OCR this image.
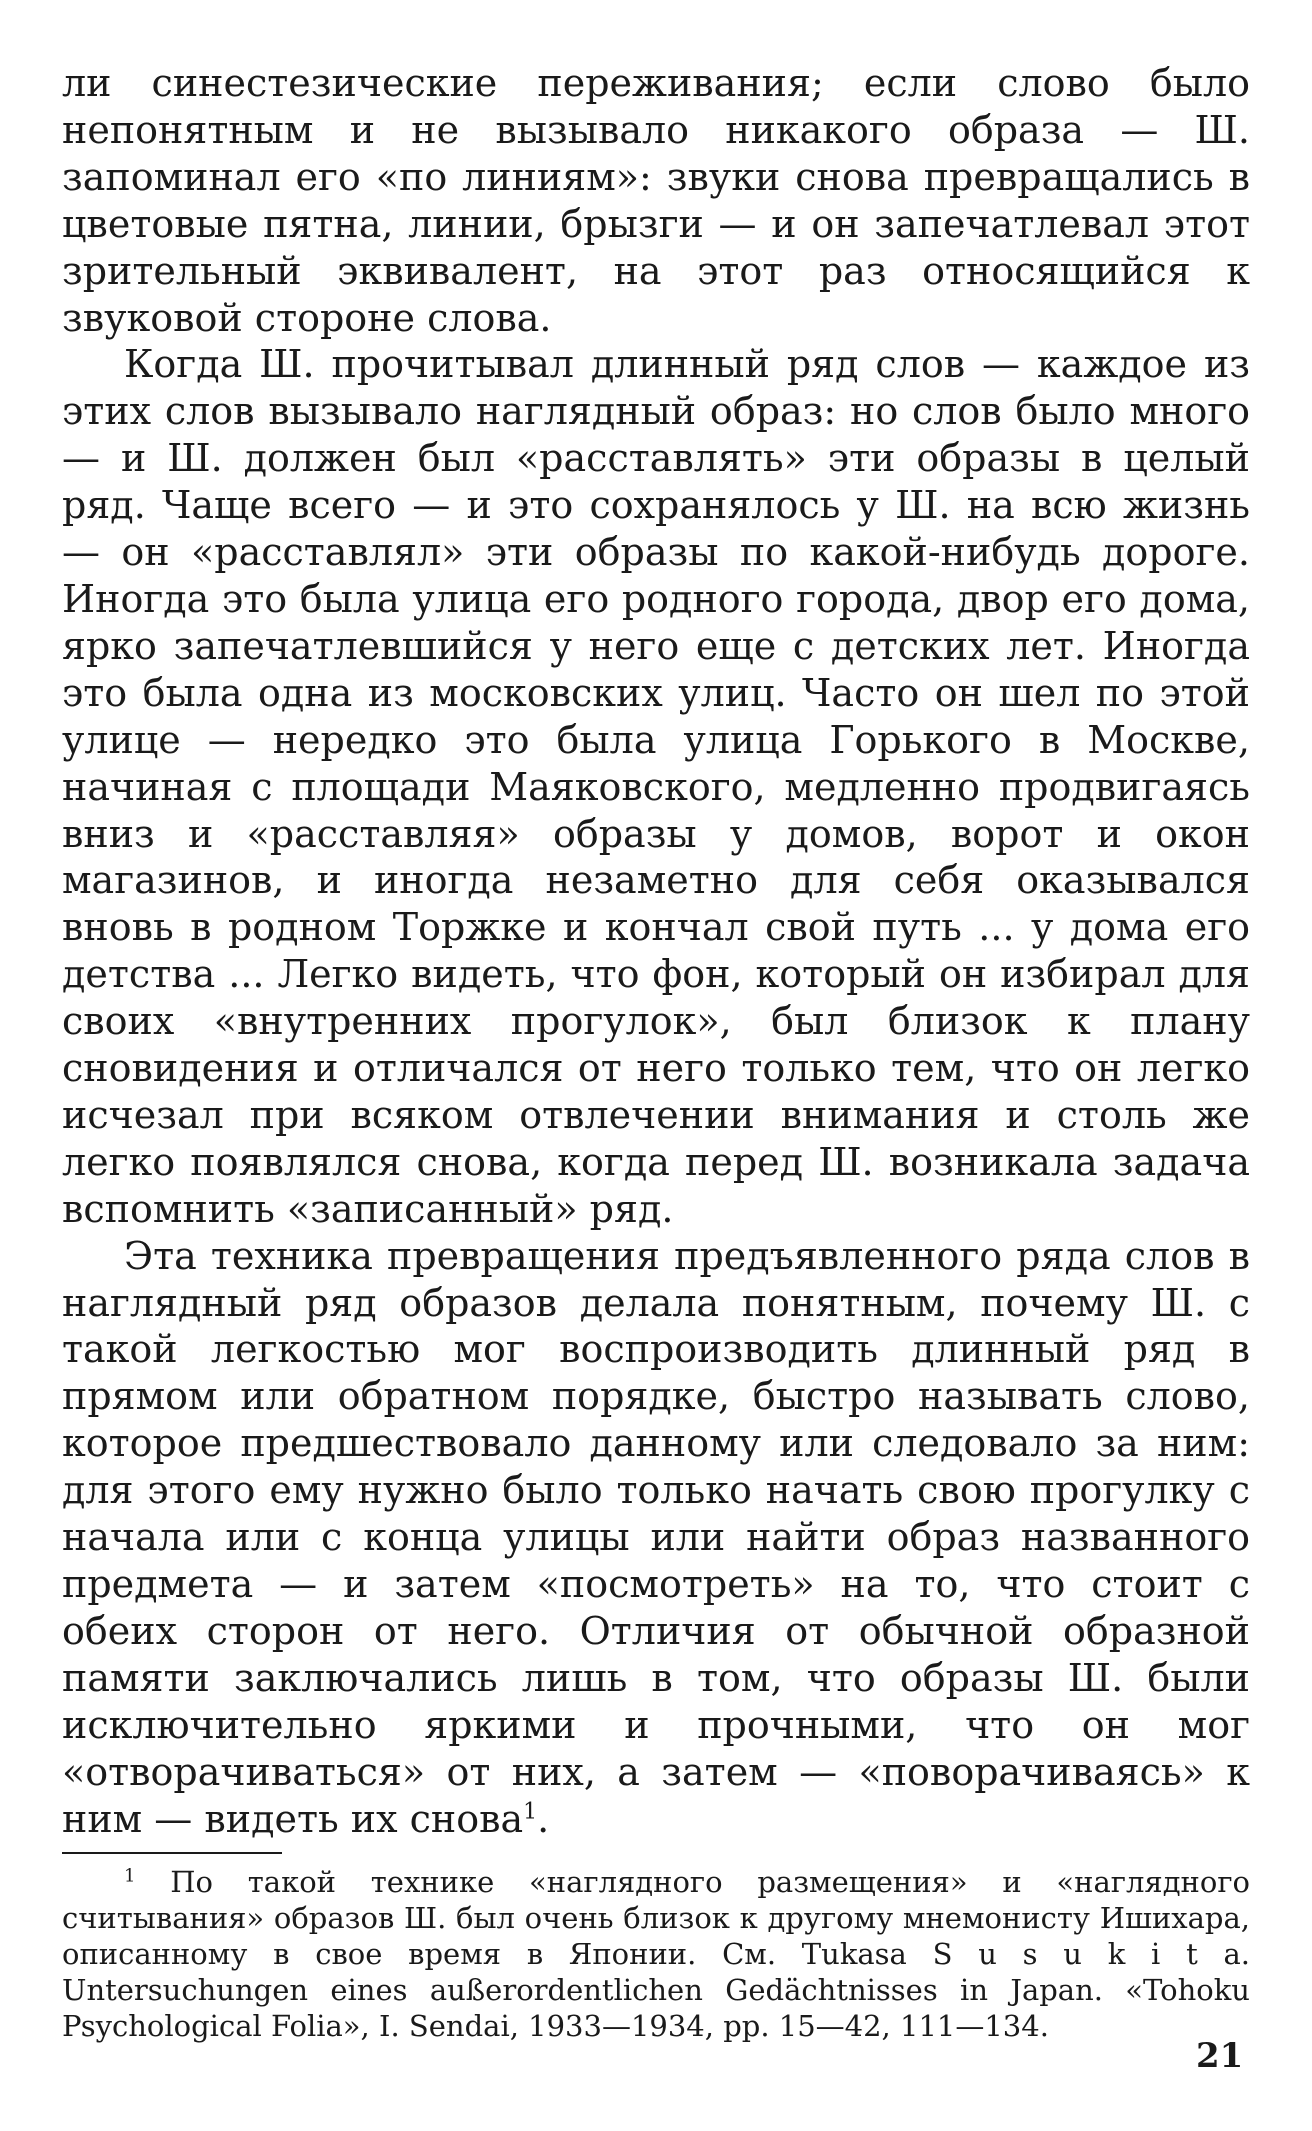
ли синестезические переживания; если слово было непонятным и не вызывало никакого образа — Ш. запоминал его «по линиям»: звуки снова превращались в цветовые пятна, линии, брызги — и он запечатлевал этот зрительный эквивалент, на этот раз относящийся к звуковой стороне слова.

Когда Ш. прочитывал длинный ряд слов — каждое из этих слов вызывало наглядный образ: но слов было много — и Ш. должен был «расставлять» эти образы в целый ряд. Чаще всего — и это сохранялось у Ш. на всю жизнь — он «расставлял» эти образы по какой-нибудь дороге. Иногда это была улица его родного города, двор его дома, ярко запечатлевшийся у него еще с детских лет. Иногда это была одна из московских улиц. Часто он шел по этой улице — нередко это была улица Горького в Москве, начиная с площади Маяковского, медленно продвигаясь вниз и «расставляя» образы у домов, ворот и окон магазинов, и иногда незаметно для себя оказывался вновь в родном Торжке и кончал свой путь ... у дома его детства ... Легко видеть, что фон, который он избирал для своих «внутренних прогулок», был близок к плану сновидения и отличался от него только тем, что он легко исчезал при всяком отвлечении внимания и столь же легко появлялся снова, когда перед Ш. возникала задача вспомнить «записанный» ряд.

Эта техника превращения предъявленного ряда слов в наглядный ряд образов делала понятным, почему Ш. с такой легкостью мог воспроизводить длинный ряд в прямом или обратном порядке, быстро называть слово, которое предшествовало данному или следовало за ним: для этого ему нужно было только начать свою прогулку с начала или с конца улицы или найти образ названного предмета — и затем «посмотреть» на то, что стоит с обеих сторон от него. Отличия от обычной образной памяти заключались лишь в том, что образы Ш. были исключительно яркими и прочными, что он мог «отворачиваться» от них, а затем — «поворачиваясь» к ним — видеть их снова$^1$.

$^1$ По такой технике «наглядного размещения» и «наглядного считывания» образов Ш. был очень близок к другому мнемонисту Ишихара, описанному в свое время в Японии. См. Tukasa S u s u k i t a. Untersuchungen eines außerordentlichen Gedächtnisses in Japan. «Tohoku Psychological Folia», I. Sendai, 1933—1934, pp. 15—42, 111—134.

21
